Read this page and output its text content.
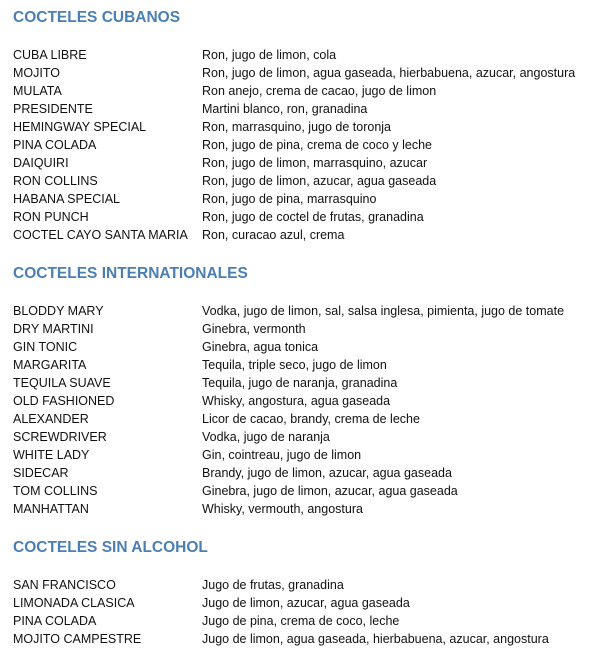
COCTELES CUBANOS
CUBA LIBRE	Ron, jugo de limon, cola
MOJITO	Ron, jugo de limon, agua gaseada, hierbabuena, azucar, angostura
MULATA	Ron anejo, crema de cacao, jugo de limon
PRESIDENTE	Martini blanco, ron, granadina
HEMINGWAY SPECIAL	Ron, marrasquino, jugo de toronja
PINA COLADA	Ron, jugo de pina, crema de coco y leche
DAIQUIRI	Ron, jugo de limon, marrasquino, azucar
RON COLLINS	Ron, jugo de limon, azucar, agua gaseada
HABANA SPECIAL	Ron, jugo de pina, marrasquino
RON PUNCH	Ron, jugo de coctel de frutas, granadina
COCTEL CAYO SANTA MARIA	Ron, curacao azul, crema
COCTELES INTERNATIONALES
BLODDY MARY	Vodka, jugo de limon, sal, salsa inglesa, pimienta, jugo de tomate
DRY MARTINI	Ginebra, vermonth
GIN TONIC	Ginebra, agua tonica
MARGARITA	Tequila, triple seco, jugo de limon
TEQUILA SUAVE	Tequila, jugo de naranja, granadina
OLD FASHIONED	Whisky, angostura, agua gaseada
ALEXANDER	Licor de cacao, brandy, crema de leche
SCREWDRIVER	Vodka, jugo de naranja
WHITE LADY	Gin, cointreau, jugo de limon
SIDECAR	Brandy, jugo de limon, azucar, agua gaseada
TOM COLLINS	Ginebra, jugo de limon, azucar, agua gaseada
MANHATTAN	Whisky, vermouth, angostura
COCTELES SIN ALCOHOL
SAN FRANCISCO	Jugo de frutas, granadina
LIMONADA CLASICA	Jugo de limon, azucar, agua gaseada
PINA COLADA	Jugo de pina, crema de coco, leche
MOJITO CAMPESTRE	Jugo de limon, agua gaseada, hierbabuena, azucar, angostura
